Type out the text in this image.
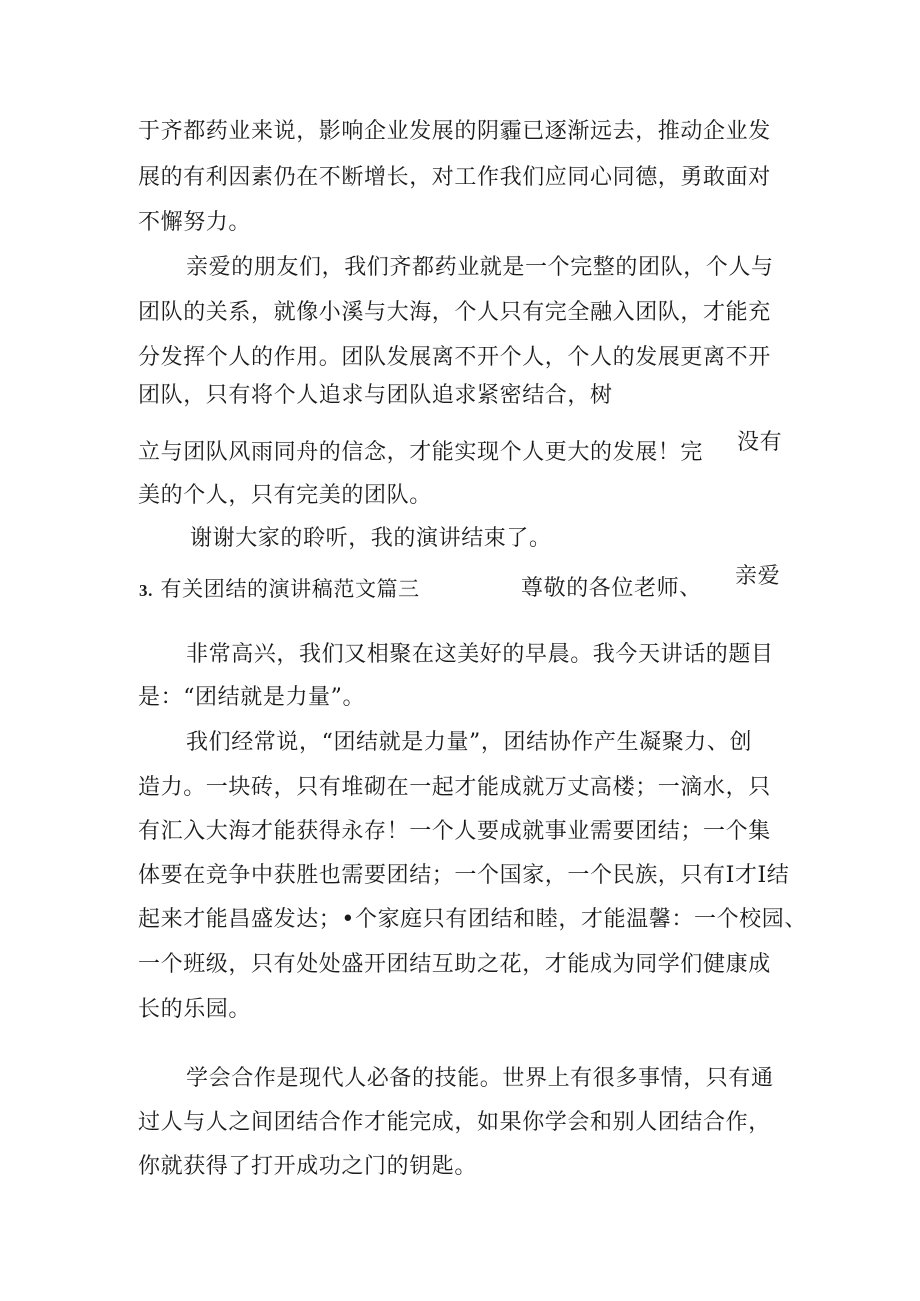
于齐都药业来说，影响企业发展的阴霾已逐渐远去，推动企业发
展的有利因素仍在不断增长，对工作我们应同心同德，勇敢面对
不懈努力。
亲爱的朋友们，我们齐都药业就是一个完整的团队，个人与
团队的关系，就像小溪与大海，个人只有完全融入团队，才能充
分发挥个人的作用。团队发展离不开个人，个人的发展更离不开
团队，只有将个人追求与团队追求紧密结合，树
立与团队风雨同舟的信念，才能实现个人更大的发展！完 没有
美的个人，只有完美的团队。
谢谢大家的聆听，我的演讲结束了。
3. 有关团结的演讲稿范文篇三	尊敬的各位老师、 亲爱
非常高兴，我们又相聚在这美好的早晨。我今天讲话的题目
是：“团结就是力量”。
我们经常说，“团结就是力量”，团结协作产生凝聚力、创
造力。一块砖，只有堆砌在一起才能成就万丈高楼；一滴水，只
有汇入大海才能获得永存！一个人要成就事业需要团结；一个集
体要在竞争中获胜也需要团结；一个国家，一个民族，只有I才I结
起来才能昌盛发达；•个家庭只有团结和睦，才能温馨：一个校园、
一个班级，只有处处盛开团结互助之花，才能成为同学们健康成
长的乐园。
学会合作是现代人必备的技能。世界上有很多事情，只有通
过人与人之间团结合作才能完成，如果你学会和别人团结合作，
你就获得了打开成功之门的钥匙。
